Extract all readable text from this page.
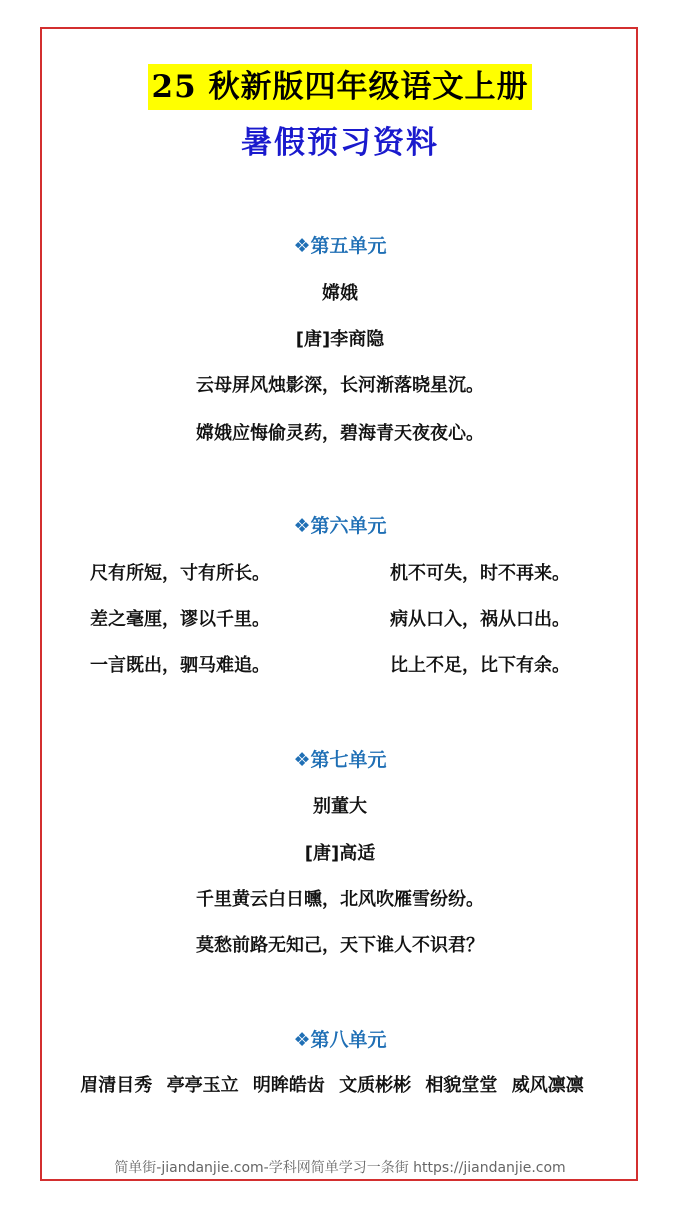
25 秋新版四年级语文上册
暑假预习资料
❖第五单元
嫦娥
[唐]李商隐
云母屏风烛影深，长河渐落晓星沉。
嫦娥应悔偷灵药，碧海青天夜夜心。
❖第六单元
尺有所短，寸有所长。	机不可失，时不再来。
差之毫厘，谬以千里。	病从口入，祸从口出。
一言既出，驷马难追。	比上不足，比下有余。
❖第七单元
别董大
[唐]高适
千里黄云白日曛，北风吹雁雪纷纷。
莫愁前路无知己，天下谁人不识君？
❖第八单元
眉清目秀 亭亭玉立 明眸皓齿 文质彬彬 相貌堂堂 威风凛凛
简单街-jiandanjie.com-学科网简单学习一条街 https://jiandanjie.com
